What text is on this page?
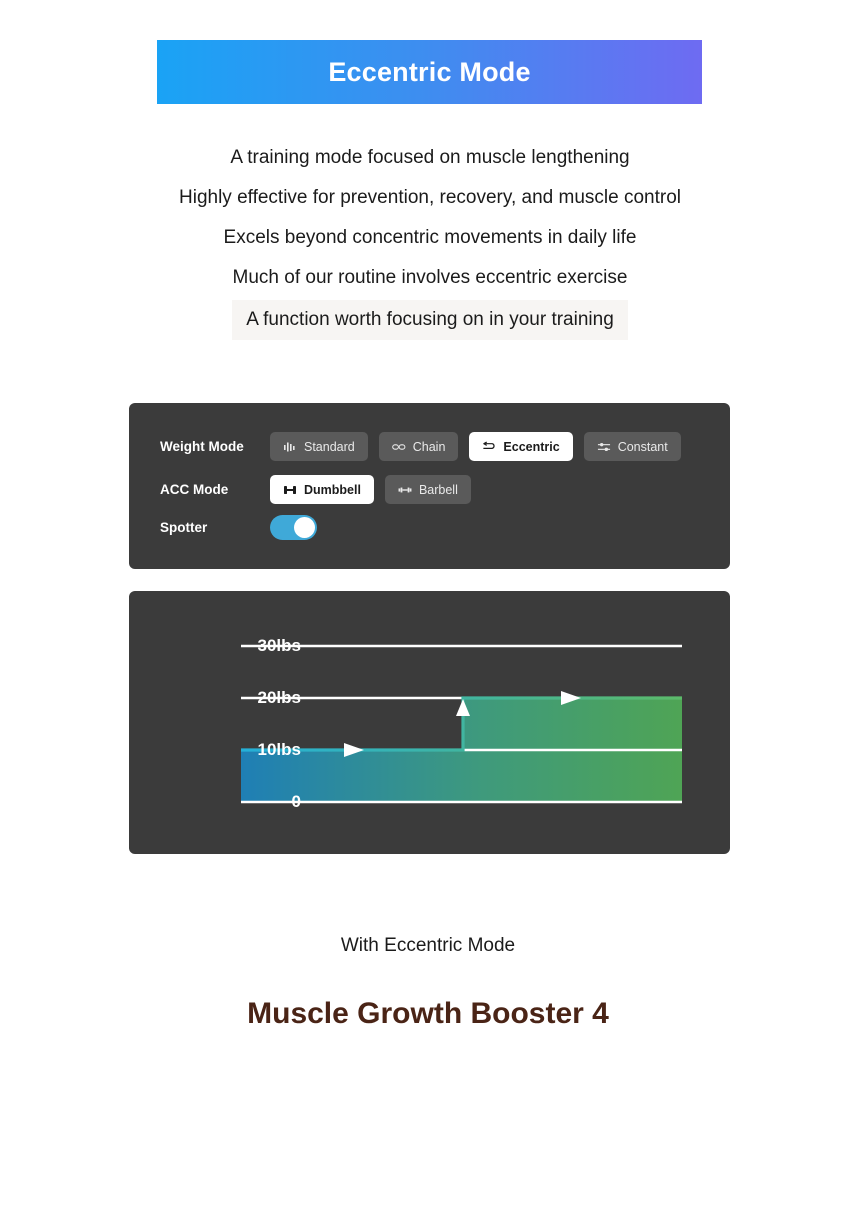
Eccentric Mode
A training mode focused on muscle lengthening
Highly effective for prevention, recovery, and muscle control
Excels beyond concentric movements in daily life
Much of our routine involves eccentric exercise
A function worth focusing on in your training
Weight Mode	Standard	Chain	Eccentric	Constant
ACC Mode	Dumbbell	Barbell
Spotter
30lbs
20lbs
10lbs
0
With Eccentric Mode
Muscle Growth Booster 4
